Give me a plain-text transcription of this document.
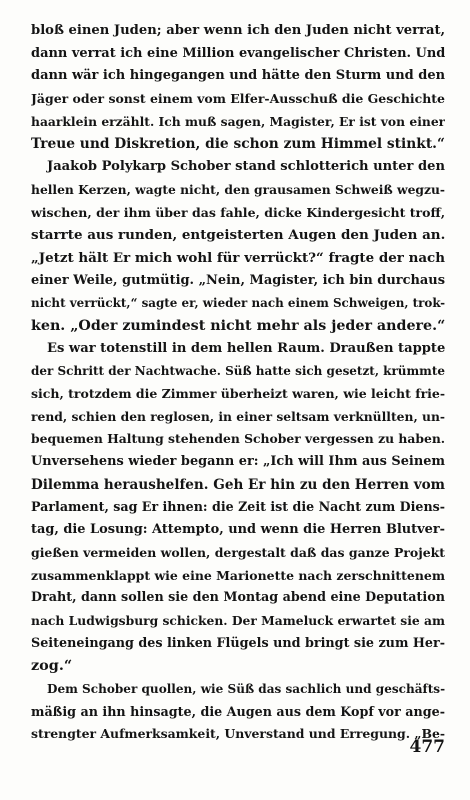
bloß einen Juden; aber wenn ich den Juden nicht verrat,
dann verrat ich eine Million evangelischer Christen. Und
dann wär ich hingegangen und hätte den Sturm und den
Jäger oder sonst einem vom Elfer-Ausschuß die Geschichte
haarklein erzählt. Ich muß sagen, Magister, Er ist von einer
Treue und Diskretion, die schon zum Himmel stinkt.“
Jaakob Polykarp Schober stand schlotterich unter den
hellen Kerzen, wagte nicht, den grausamen Schweiß wegzu-
wischen, der ihm über das fahle, dicke Kindergesicht troff,
starrte aus runden, entgeisterten Augen den Juden an.
„Jetzt hält Er mich wohl für verrückt?“ fragte der nach
einer Weile, gutmütig. „Nein, Magister, ich bin durchaus
nicht verrückt,“ sagte er, wieder nach einem Schweigen, trok-
ken. „Oder zumindest nicht mehr als jeder andere.“
Es war totenstill in dem hellen Raum. Draußen tappte
der Schritt der Nachtwache. Süß hatte sich gesetzt, krümmte
sich, trotzdem die Zimmer überheizt waren, wie leicht frie-
rend, schien den reglosen, in einer seltsam verknüllten, un-
bequemen Haltung stehenden Schober vergessen zu haben.
Unversehens wieder begann er: „Ich will Ihm aus Seinem
Dilemma heraushelfen. Geh Er hin zu den Herren vom
Parlament, sag Er ihnen: die Zeit ist die Nacht zum Diens-
tag, die Losung: Attempto, und wenn die Herren Blutver-
gießen vermeiden wollen, dergestalt daß das ganze Projekt
zusammenklappt wie eine Marionette nach zerschnittenem
Draht, dann sollen sie den Montag abend eine Deputation
nach Ludwigsburg schicken. Der Mameluck erwartet sie am
Seiteneingang des linken Flügels und bringt sie zum Her-
zog.“
Dem Schober quollen, wie Süß das sachlich und geschäfts-
mäßig an ihn hinsagte, die Augen aus dem Kopf vor ange-
strengter Aufmerksamkeit, Unverstand und Erregung. „Be-
477
